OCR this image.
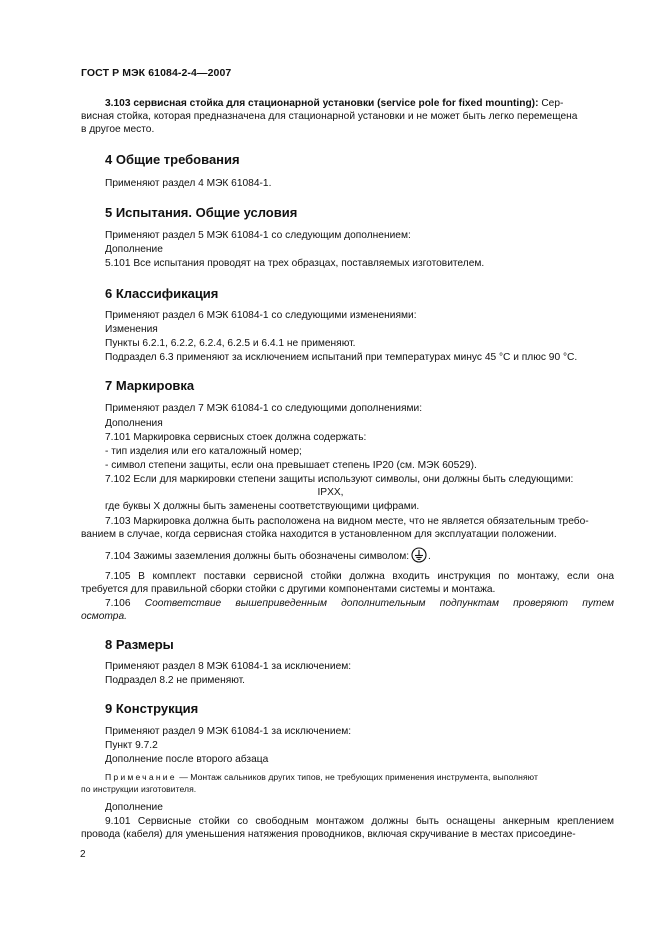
ГОСТ Р МЭК 61084-2-4—2007
3.103 сервисная стойка для стационарной установки (service pole for fixed mounting): Сер-
висная стойка, которая предназначена для стационарной установки и не может быть легко перемещена
в другое место.
4 Общие требования
Применяют раздел 4 МЭК 61084-1.
5 Испытания. Общие условия
Применяют раздел 5 МЭК 61084-1 со следующим дополнением:
Дополнение
5.101 Все испытания проводят на трех образцах, поставляемых изготовителем.
6 Классификация
Применяют раздел 6 МЭК 61084-1 со следующими изменениями:
Изменения
Пункты 6.2.1, 6.2.2, 6.2.4, 6.2.5 и 6.4.1 не применяют.
Подраздел 6.3 применяют за исключением испытаний при температурах минус 45 °С и плюс 90 °С.
7 Маркировка
Применяют раздел 7 МЭК 61084-1 со следующими дополнениями:
Дополнения
7.101 Маркировка сервисных стоек должна содержать:
- тип изделия или его каталожный номер;
- символ степени защиты, если она превышает степень IP20 (см. МЭК 60529).
7.102 Если для маркировки степени защиты используют символы, они должны быть следующими:
IPXX,
где буквы X должны быть заменены соответствующими цифрами.
7.103 Маркировка должна быть расположена на видном месте, что не является обязательным требо-
ванием в случае, когда сервисная стойка находится в установленном для эксплуатации положении.
7.104 Зажимы заземления должны быть обозначены символом: .
7.105 В комплект поставки сервисной стойки должна входить инструкция по монтажу, если она
требуется для правильной сборки стойки с другими компонентами системы и монтажа.
7.106 Соответствие вышеприведенным дополнительным подпунктам проверяют путем
осмотра.
8 Размеры
Применяют раздел 8 МЭК 61084-1 за исключением:
Подраздел 8.2 не применяют.
9 Конструкция
Применяют раздел 9 МЭК 61084-1 за исключением:
Пункт 9.7.2
Дополнение после второго абзаца
Примечание — Монтаж сальников других типов, не требующих применения инструмента, выполняют
по инструкции изготовителя.
Дополнение
9.101 Сервисные стойки со свободным монтажом должны быть оснащены анкерным креплением
провода (кабеля) для уменьшения натяжения проводников, включая скручивание в местах присоедине-
2
